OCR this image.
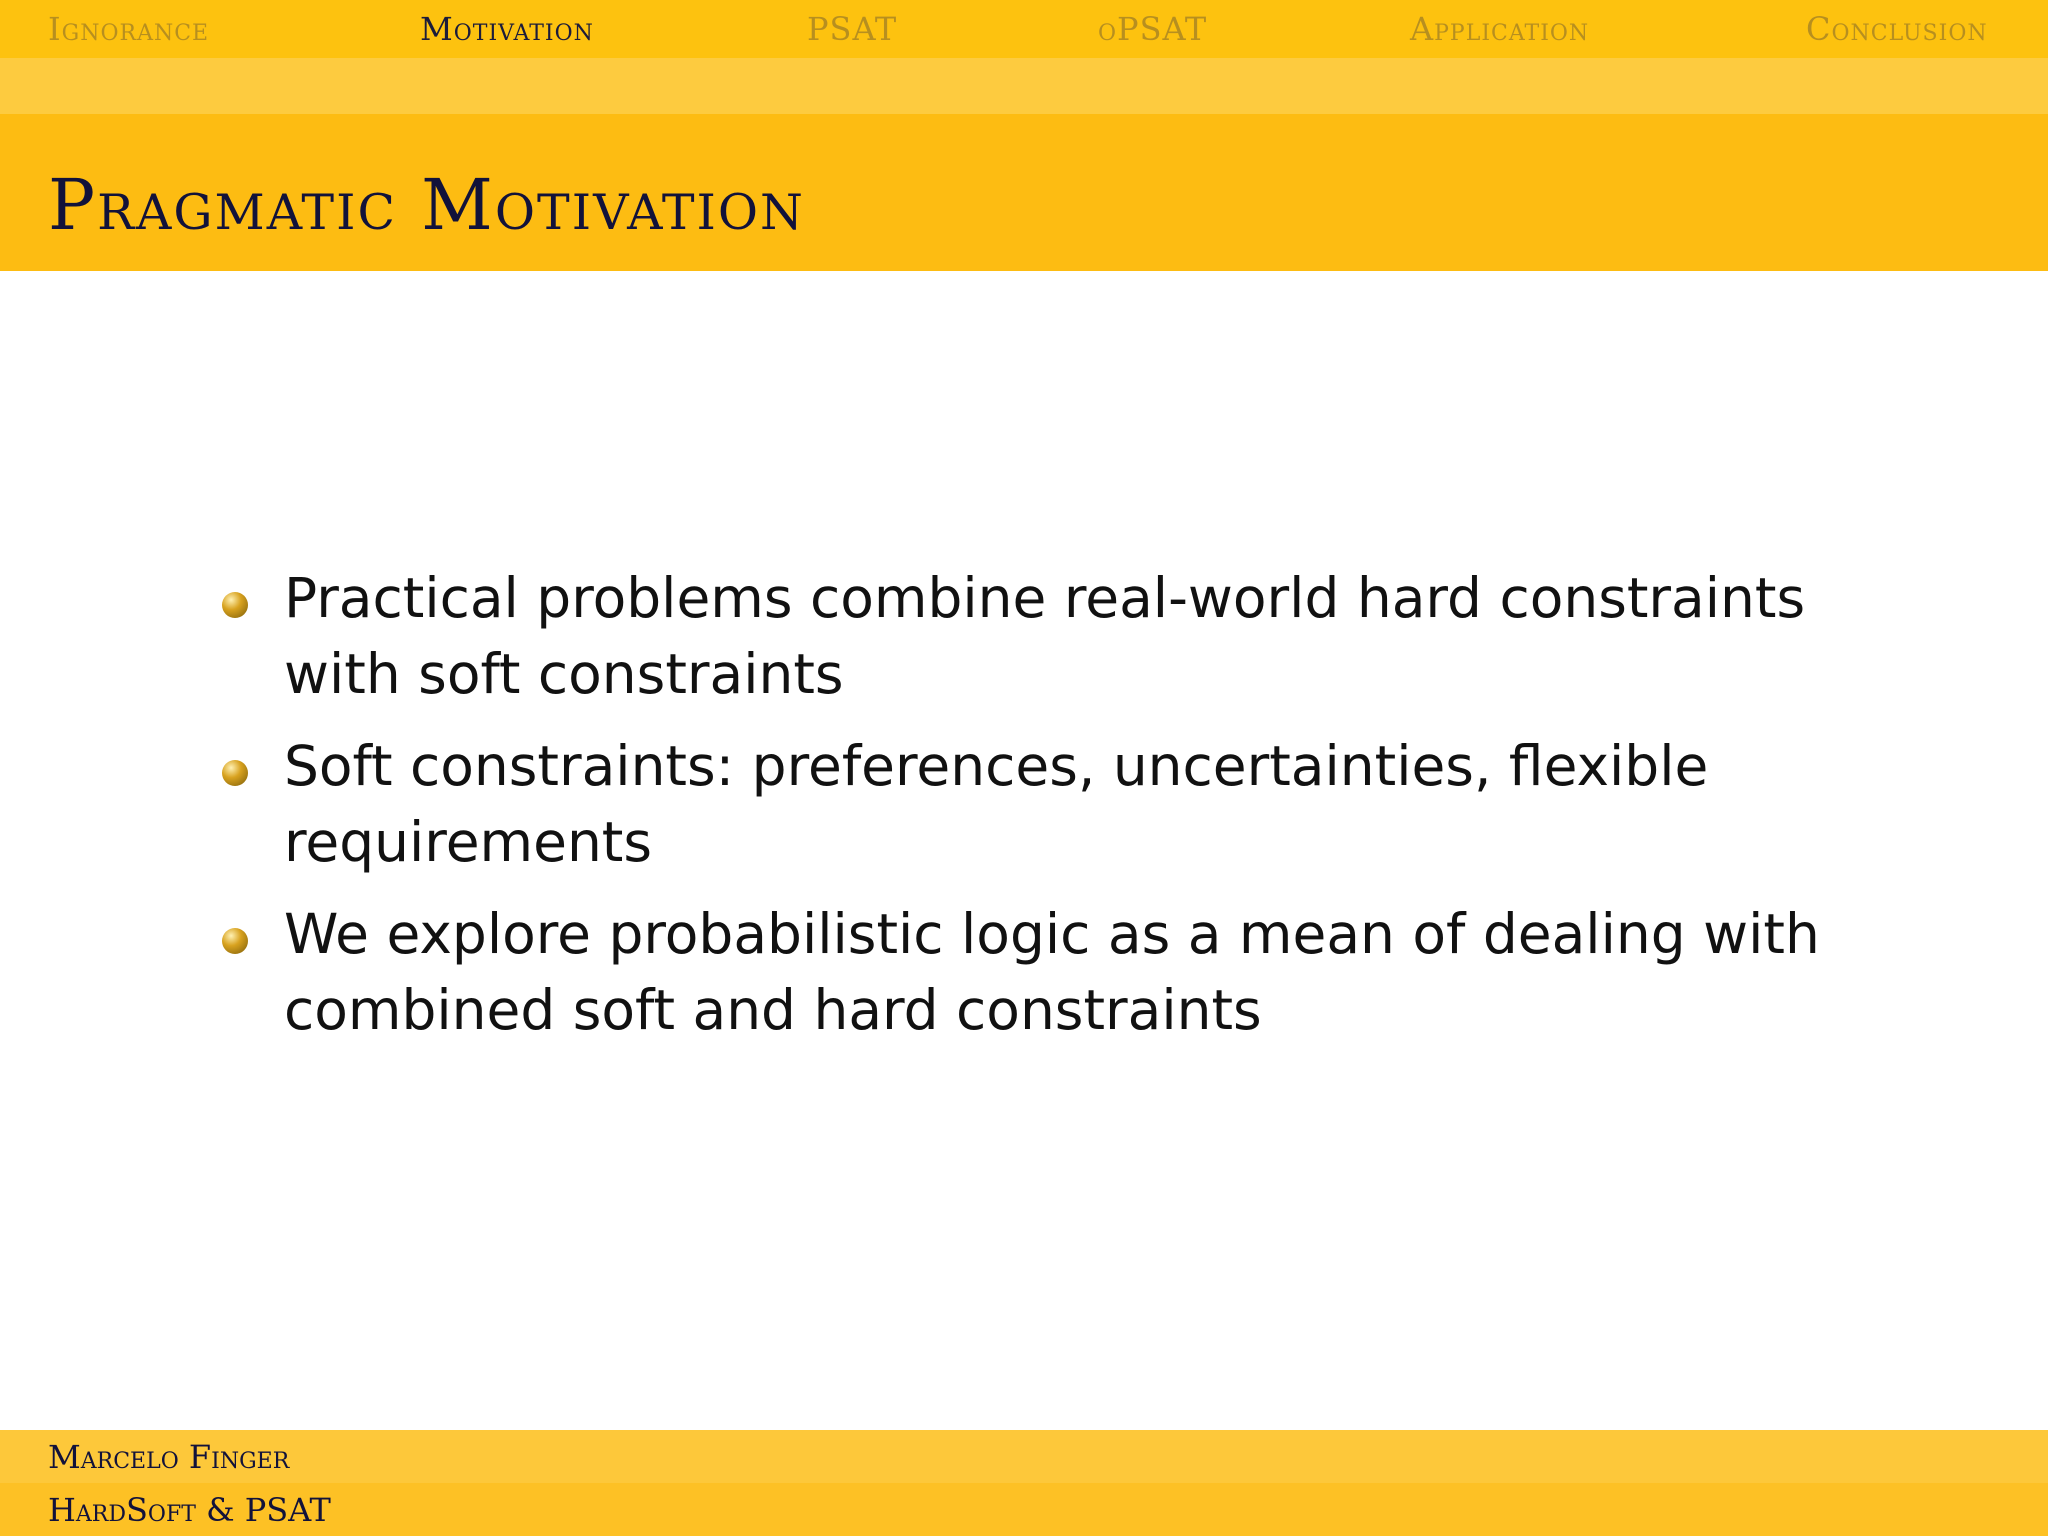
Ignorance	Motivation	PSAT	oPSAT	Application	Conclusion
Pragmatic Motivation
Practical problems combine real-world hard constraints with soft constraints
Soft constraints: preferences, uncertainties, flexible requirements
We explore probabilistic logic as a mean of dealing with combined soft and hard constraints
Marcelo Finger
HardSoft & PSAT
